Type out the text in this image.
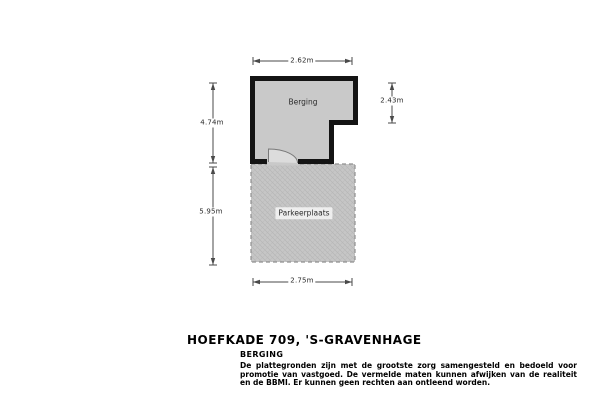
2.62m
4.74m
2.43m
5.95m
2.75m
Berging
Parkeerplaats
HOEFKADE 709, 'S-GRAVENHAGE
BERGING
De plattegronden zijn met de grootste zorg samengesteld en bedoeld voor promotie van vastgoed. De vermelde maten kunnen afwijken van de realiteit en de BBMI. Er kunnen geen rechten aan ontleend worden.
